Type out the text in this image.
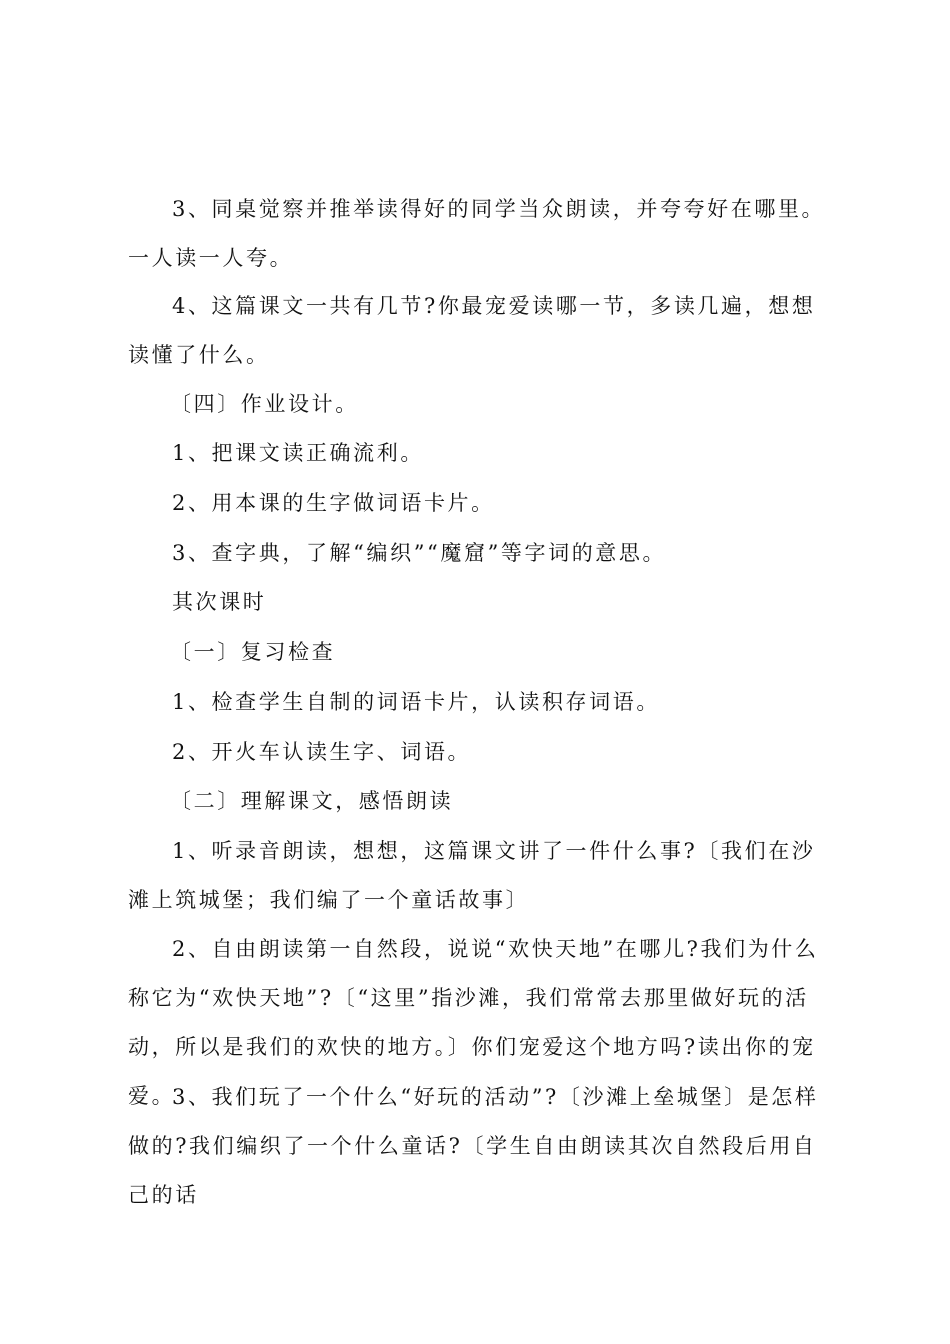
3、同桌觉察并推举读得好的同学当众朗读，并夸夸好在哪里。一人读一人夸。

4、这篇课文一共有几节?你最宠爱读哪一节，多读几遍，想想读懂了什么。

〔四〕作业设计。

1、把课文读正确流利。

2、用本课的生字做词语卡片。

3、查字典，了解“编织”“魔窟”等字词的意思。

其次课时

〔一〕复习检查

1、检查学生自制的词语卡片，认读积存词语。

2、开火车认读生字、词语。

〔二〕理解课文，感悟朗读

1、听录音朗读，想想，这篇课文讲了一件什么事?〔我们在沙滩上筑城堡；我们编了一个童话故事〕

2、自由朗读第一自然段，说说“欢快天地”在哪儿?我们为什么称它为“欢快天地”?〔“这里”指沙滩，我们常常去那里做好玩的活动，所以是我们的欢快的地方。〕你们宠爱这个地方吗?读出你的宠爱。

3、我们玩了一个什么“好玩的活动”?〔沙滩上垒城堡〕是怎样做的?我们编织了一个什么童话?〔学生自由朗读其次自然段后用自己的话
